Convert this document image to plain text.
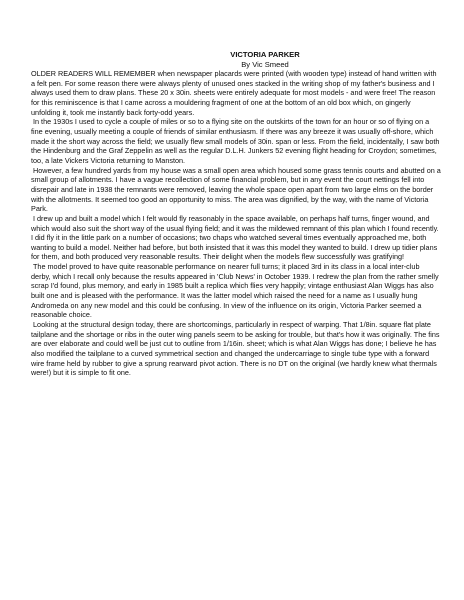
VICTORIA PARKER
By Vic Smeed

OLDER READERS WILL REMEMBER when newspaper placards were printed (with wooden type) instead of hand written with a felt pen. For some reason there were always plenty of unused ones stacked in the writing shop of my father's business and I always used them to draw plans. These 20 x 30in. sheets were entirely adequate for most models - and were free! The reason for this reminiscence is that I came across a mouldering fragment of one at the bottom of an old box which, on gingerly unfolding it, took me instantly back forty-odd years.

In the 1930s I used to cycle a couple of miles or so to a flying site on the outskirts of the town for an hour or so of flying on a fine evening, usually meeting a couple of friends of similar enthusiasm. If there was any breeze it was usually off-shore, which made it the short way across the field; we usually flew small models of 30in. span or less. From the field, incidentally, I saw both the Hindenburg and the Graf Zeppelin as well as the regular D.L.H. Junkers 52 evening flight heading for Croydon; sometimes, too, a late Vickers Victoria returning to Manston.

However, a few hundred yards from my house was a small open area which housed some grass tennis courts and abutted on a small group of allotments. I have a vague recollection of some financial problem, but in any event the court nettings fell into disrepair and late in 1938 the remnants were removed, leaving the whole space open apart from two large elms on the border with the allotments. It seemed too good an opportunity to miss. The area was dignified, by the way, with the name of Victoria Park.

I drew up and built a model which I felt would fly reasonably in the space available, on perhaps half turns, finger wound, and which would also suit the short way of the usual flying field; and it was the mildewed remnant of this plan which I found recently. I did fly it in the little park on a number of occasions; two chaps who watched several times eventually approached me, both wanting to build a model. Neither had before, but both insisted that it was this model they wanted to build. I drew up tidier plans for them, and both produced very reasonable results. Their delight when the models flew successfully was gratifying!

The model proved to have quite reasonable performance on nearer full turns; it placed 3rd in its class in a local inter-club derby, which I recall only because the results appeared in 'Club News' in October 1939. I redrew the plan from the rather smelly scrap I'd found, plus memory, and early in 1985 built a replica which flies very happily; vintage enthusiast Alan Wiggs has also built one and is pleased with the performance. It was the latter model which raised the need for a name as I usually hung Andromeda on any new model and this could be confusing. In view of the influence on its origin, Victoria Parker seemed a reasonable choice.

Looking at the structural design today, there are shortcomings, particularly in respect of warping. That 1/8in. square flat plate tailplane and the shortage or ribs in the outer wing panels seem to be asking for trouble, but that's how it was originally. The fins are over elaborate and could well be just cut to outline from 1/16in. sheet; which is what Alan Wiggs has done; I believe he has also modified the tailplane to a curved symmetrical section and changed the undercarriage to single tube type with a forward wire frame held by rubber to give a sprung rearward pivot action. There is no DT on the original (we hardly knew what thermals were!) but it is simple to fit one.
